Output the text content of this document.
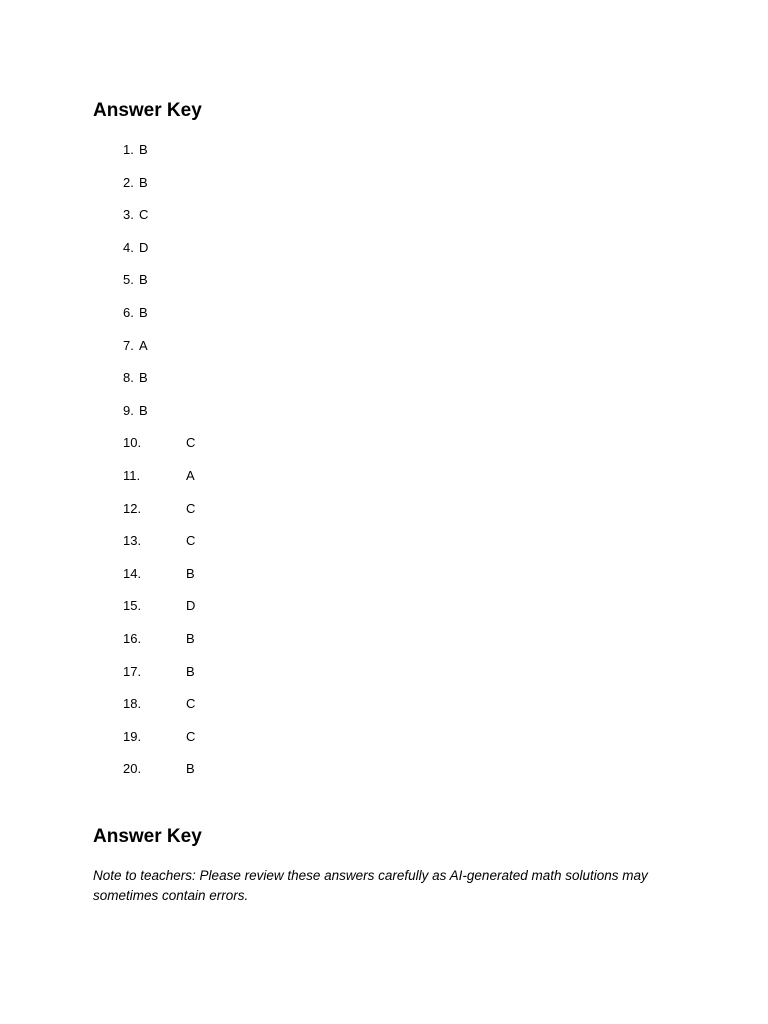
Answer Key
1. B
2. B
3. C
4. D
5. B
6. B
7. A
8. B
9. B
10.	C
11.	A
12.	C
13.	C
14.	B
15.	D
16.	B
17.	B
18.	C
19.	C
20.	B
Answer Key

Note to teachers: Please review these answers carefully as AI-generated math solutions may sometimes contain errors.
